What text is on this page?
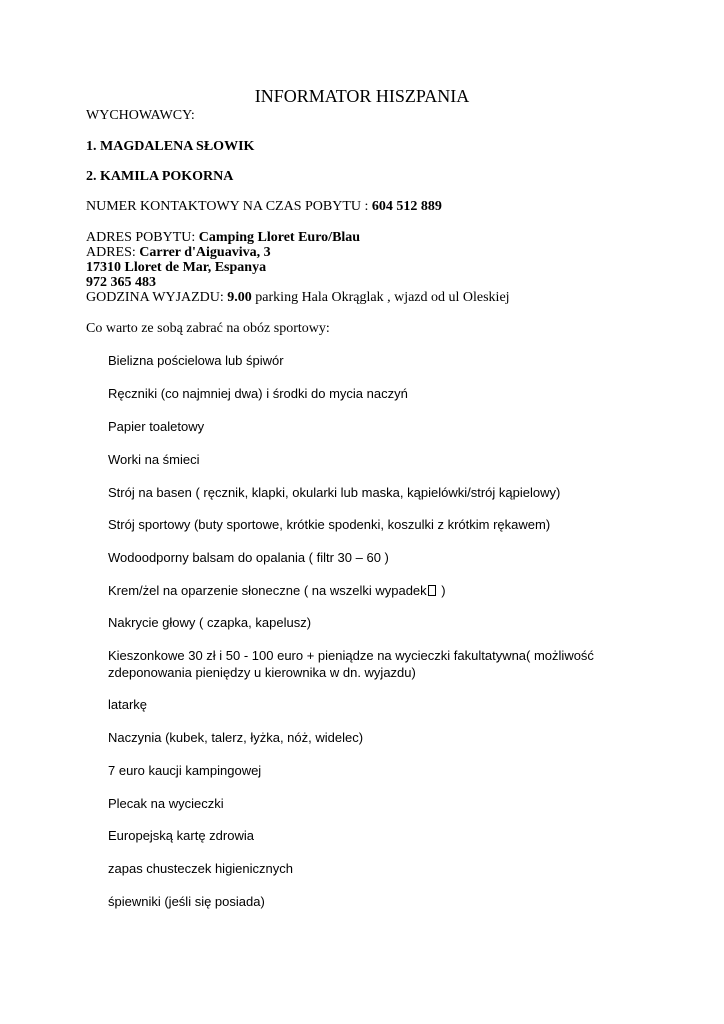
INFORMATOR HISZPANIA
WYCHOWAWCY:
1. MAGDALENA SŁOWIK
2. KAMILA POKORNA
NUMER KONTAKTOWY NA CZAS POBYTU : 604 512 889
ADRES POBYTU: Camping Lloret Euro/Blau
ADRES: Carrer d'Aiguaviva, 3
17310 Lloret de Mar, Espanya
972 365 483
GODZINA WYJAZDU: 9.00 parking Hala Okrąglak , wjazd od ul Oleskiej
Co warto ze sobą zabrać na obóz sportowy:
Bielizna pościelowa lub śpiwór
Ręczniki (co najmniej dwa) i środki do mycia naczyń
Papier toaletowy
Worki na śmieci
Strój na basen ( ręcznik, klapki, okularki lub maska, kąpielówki/strój kąpielowy)
Strój sportowy (buty sportowe, krótkie spodenki, koszulki z krótkim rękawem)
Wodoodporny balsam do opalania ( filtr 30 – 60 )
Krem/żel na oparzenie słoneczne ( na wszelki wypadek )
Nakrycie głowy ( czapka, kapelusz)
Kieszonkowe 30 zł i 50 - 100 euro + pieniądze na wycieczki fakultatywna( możliwość zdeponowania pieniędzy u kierownika w dn. wyjazdu)
latarkę
Naczynia (kubek, talerz, łyżka, nóż, widelec)
7 euro kaucji kampingowej
Plecak na wycieczki
Europejską kartę zdrowia
zapas chusteczek higienicznych
śpiewniki (jeśli się posiada)
